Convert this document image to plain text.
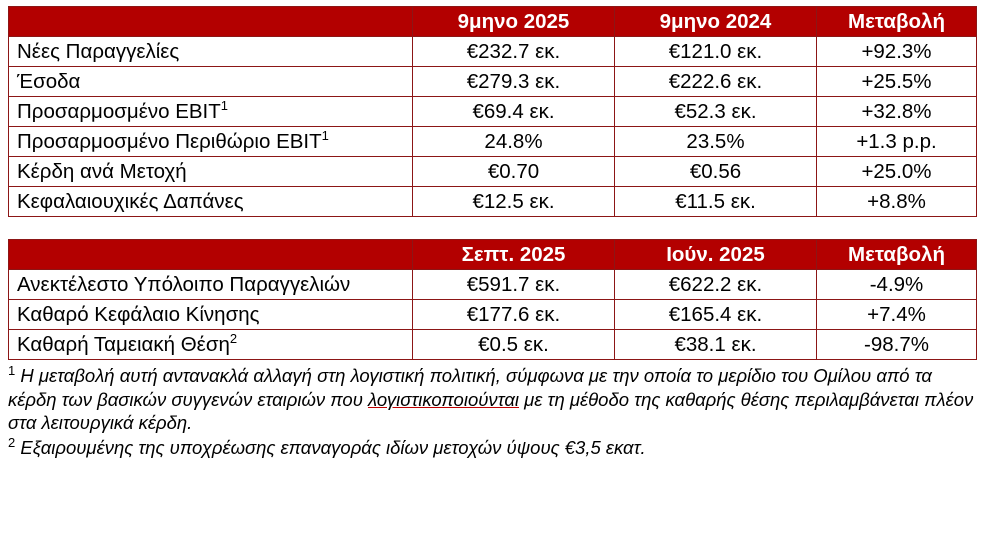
	9μηνο 2025	9μηνο 2024	Μεταβολή
Νέες Παραγγελίες	€232.7 εκ.	€121.0 εκ.	+92.3%
Έσοδα	€279.3 εκ.	€222.6 εκ.	+25.5%
Προσαρμοσμένο EBIT$^1$	€69.4 εκ.	€52.3 εκ.	+32.8%
Προσαρμοσμένο Περιθώριο EBIT$^1$	24.8%	23.5%	+1.3 p.p.
Κέρδη ανά Μετοχή	€0.70	€0.56	+25.0%
Κεφαλαιουχικές Δαπάνες	€12.5 εκ.	€11.5 εκ.	+8.8%
	Σεπτ. 2025	Ιούν. 2025	Μεταβολή
Ανεκτέλεστο Υπόλοιπο Παραγγελιών	€591.7 εκ.	€622.2 εκ.	-4.9%
Καθαρό Κεφάλαιο Κίνησης	€177.6 εκ.	€165.4 εκ.	+7.4%
Καθαρή Ταμειακή Θέση$^2$	€0.5 εκ.	€38.1 εκ.	-98.7%

$^1$ Η μεταβολή αυτή αντανακλά αλλαγή στη λογιστική πολιτική, σύμφωνα με την οποία το μερίδιο του Ομίλου από τα κέρδη των βασικών συγγενών εταιριών που λογιστικοποιούνται με τη μέθοδο της καθαρής θέσης περιλαμβάνεται πλέον στα λειτουργικά κέρδη.

$^2$ Εξαιρουμένης της υποχρέωσης επαναγοράς ιδίων μετοχών ύψους €3,5 εκατ.
